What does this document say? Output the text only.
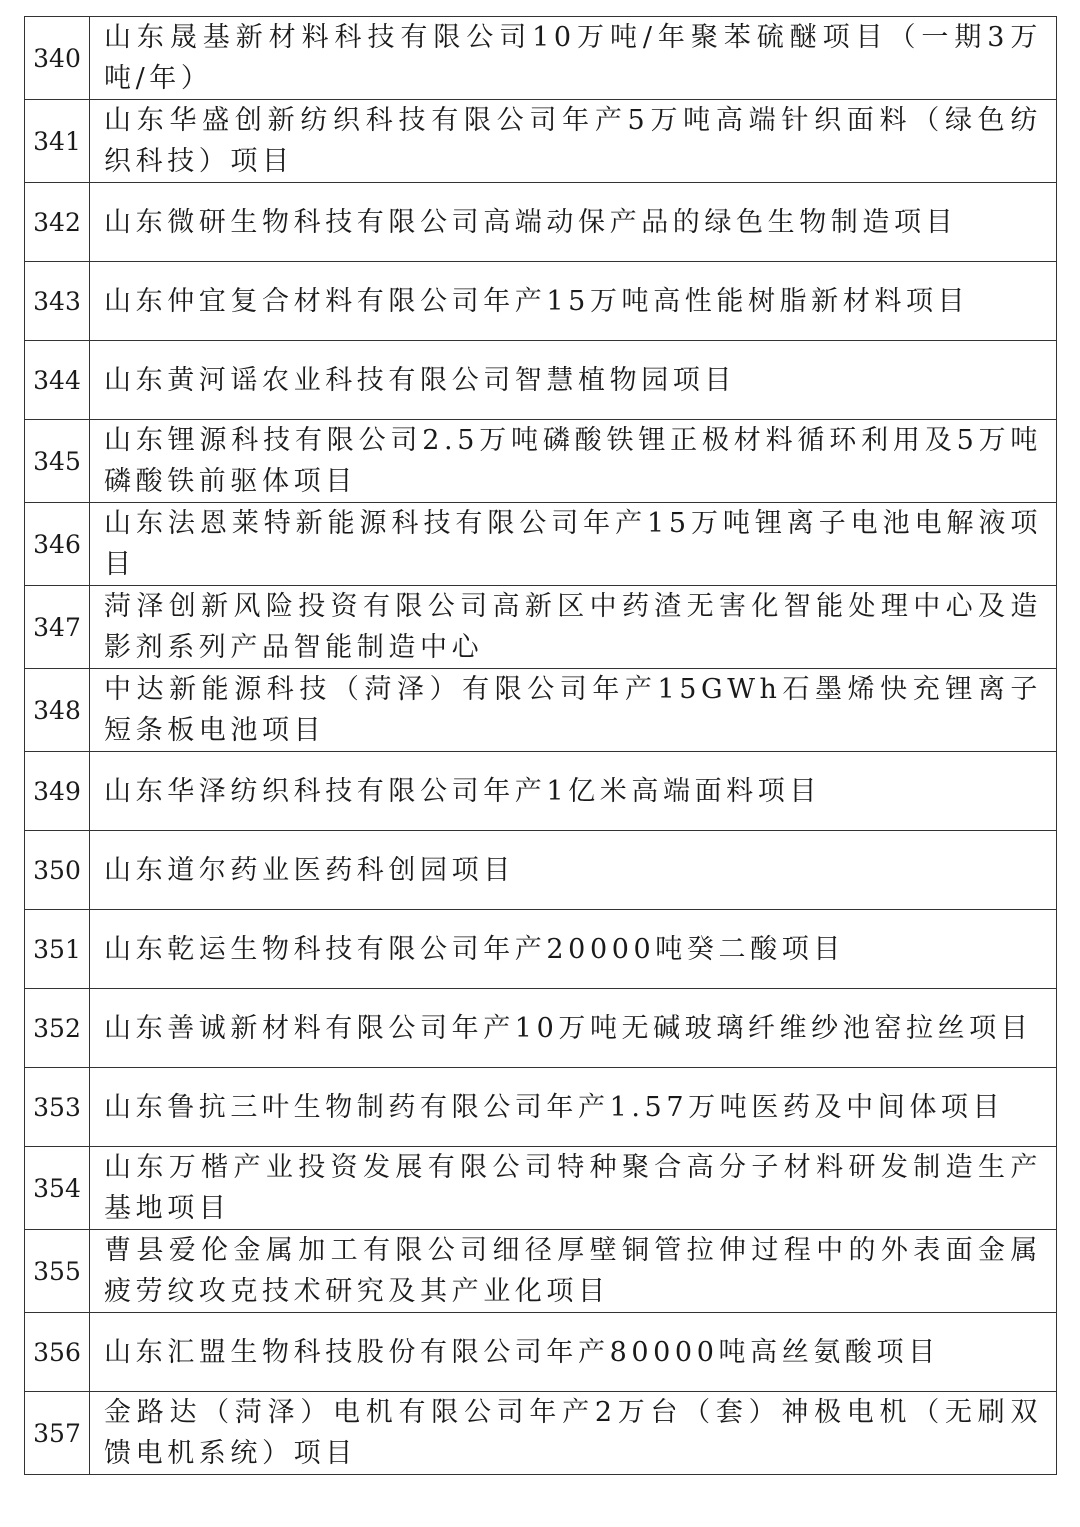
340	山东晟基新材料科技有限公司10万吨/年聚苯硫醚项目（一期3万吨/年）
341	山东华盛创新纺织科技有限公司年产5万吨高端针织面料（绿色纺织科技）项目
342	山东微研生物科技有限公司高端动保产品的绿色生物制造项目
343	山东仲宜复合材料有限公司年产15万吨高性能树脂新材料项目
344	山东黄河谣农业科技有限公司智慧植物园项目
345	山东锂源科技有限公司2.5万吨磷酸铁锂正极材料循环利用及5万吨磷酸铁前驱体项目
346	山东法恩莱特新能源科技有限公司年产15万吨锂离子电池电解液项目
347	菏泽创新风险投资有限公司高新区中药渣无害化智能处理中心及造影剂系列产品智能制造中心
348	中达新能源科技（菏泽）有限公司年产15GWh石墨烯快充锂离子短条板电池项目
349	山东华泽纺织科技有限公司年产1亿米高端面料项目
350	山东道尔药业医药科创园项目
351	山东乾运生物科技有限公司年产20000吨癸二酸项目
352	山东善诚新材料有限公司年产10万吨无碱玻璃纤维纱池窑拉丝项目
353	山东鲁抗三叶生物制药有限公司年产1.57万吨医药及中间体项目
354	山东万楷产业投资发展有限公司特种聚合高分子材料研发制造生产基地项目
355	曹县爱伦金属加工有限公司细径厚壁铜管拉伸过程中的外表面金属疲劳纹攻克技术研究及其产业化项目
356	山东汇盟生物科技股份有限公司年产80000吨高丝氨酸项目
357	金路达（菏泽）电机有限公司年产2万台（套）神极电机（无刷双馈电机系统）项目
